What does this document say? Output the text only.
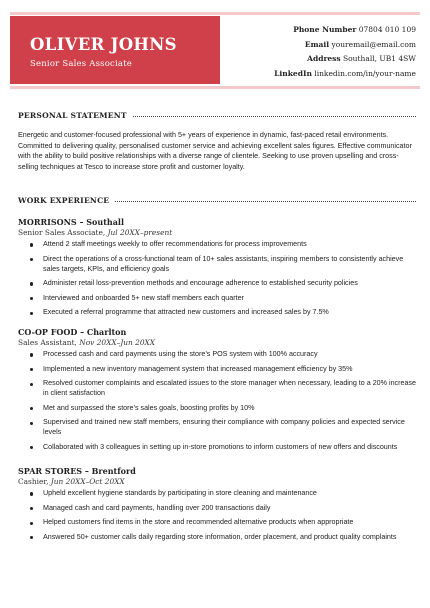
OLIVER JOHNS
Senior Sales Associate
Phone Number 07804 010 109
Email youremail@email.com
Address Southall, UB1 4SW
LinkedIn linkedin.com/in/your-name
PERSONAL STATEMENT

Energetic and customer-focused professional with 5+ years of experience in dynamic, fast-paced retail environments. Committed to delivering quality, personalised customer service and achieving excellent sales figures. Effective communicator with the ability to build positive relationships with a diverse range of clientele. Seeking to use proven upselling and cross-selling techniques at Tesco to increase store profit and customer loyalty.

WORK EXPERIENCE
MORRISONS – Southall
Senior Sales Associate, Jul 20XX–present
Attend 2 staff meetings weekly to offer recommendations for process improvements
Direct the operations of a cross-functional team of 10+ sales assistants, inspiring members to consistently achieve sales targets, KPIs, and efficiency goals
Administer retail loss-prevention methods and encourage adherence to established security policies
Interviewed and onboarded 5+ new staff members each quarter
Executed a referral programme that attracted new customers and increased sales by 7.5%
CO-OP FOOD – Charlton
Sales Assistant, Nov 20XX–Jun 20XX
Processed cash and card payments using the store’s POS system with 100% accuracy
Implemented a new inventory management system that increased management efficiency by 35%
Resolved customer complaints and escalated issues to the store manager when necessary, leading to a 20% increase in client satisfaction
Met and surpassed the store’s sales goals, boosting profits by 10%
Supervised and trained new staff members, ensuring their compliance with company policies and expected service levels
Collaborated with 3 colleagues in setting up in-store promotions to inform customers of new offers and discounts
SPAR STORES – Brentford
Cashier, Jun 20XX–Oct 20XX
Upheld excellent hygiene standards by participating in store cleaning and maintenance
Managed cash and card payments, handling over 200 transactions daily
Helped customers find items in the store and recommended alternative products when appropriate
Answered 50+ customer calls daily regarding store information, order placement, and product quality complaints
